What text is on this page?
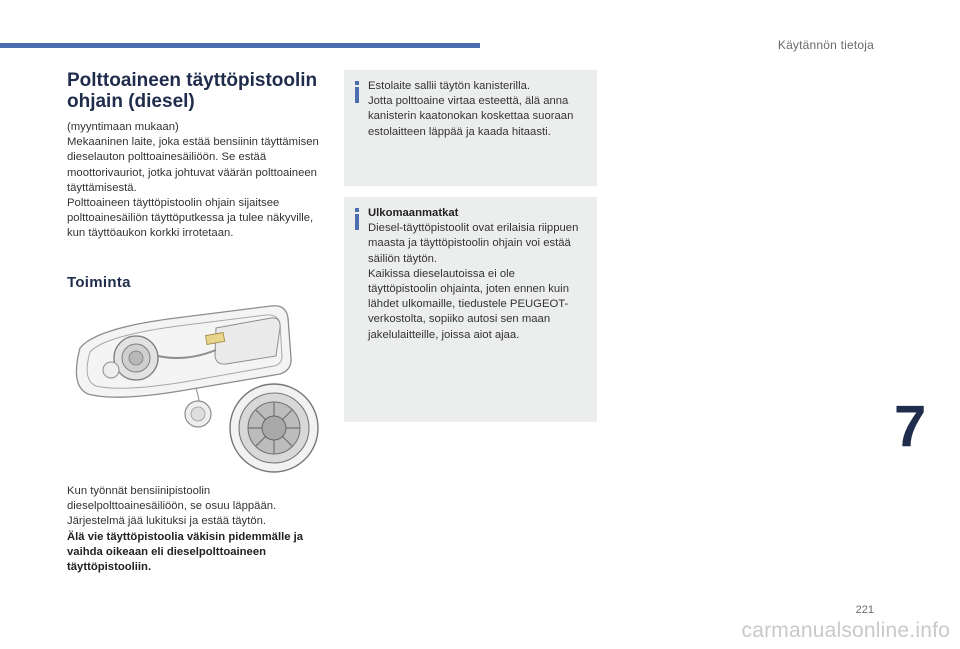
Käytännön tietoja
Polttoaineen täyttöpistoolin ohjain (diesel)
(myyntimaan mukaan)
Mekaaninen laite, joka estää bensiinin täyttämisen dieselauton polttoainesäiliöön. Se estää moottorivauriot, jotka johtuvat väärän polttoaineen täyttämisestä.
Polttoaineen täyttöpistoolin ohjain sijaitsee polttoainesäiliön täyttöputkessa ja tulee näkyville, kun täyttöaukon korkki irrotetaan.
Toiminta
Kun työnnät bensiinipistoolin dieselpolttoainesäiliöön, se osuu läppään. Järjestelmä jää lukituksi ja estää täytön.
Älä vie täyttöpistoolia väkisin pidemmälle ja vaihda oikeaan eli dieselpolttoaineen täyttöpistooliin.
Estolaite sallii täytön kanisterilla.
Jotta polttoaine virtaa esteettä, älä anna kanisterin kaatonokan koskettaa suoraan estolaitteen läppää ja kaada hitaasti.
Ulkomaanmatkat
Diesel-täyttöpistoolit ovat erilaisia riippuen maasta ja täyttöpistoolin ohjain voi estää säiliön täytön.
Kaikissa dieselautoissa ei ole täyttöpistoolin ohjainta, joten ennen kuin lähdet ulkomaille, tiedustele PEUGEOT-verkostolta, sopiiko autosi sen maan jakelulaitteille, joissa aiot ajaa.
7
221
carmanualsonline.info
